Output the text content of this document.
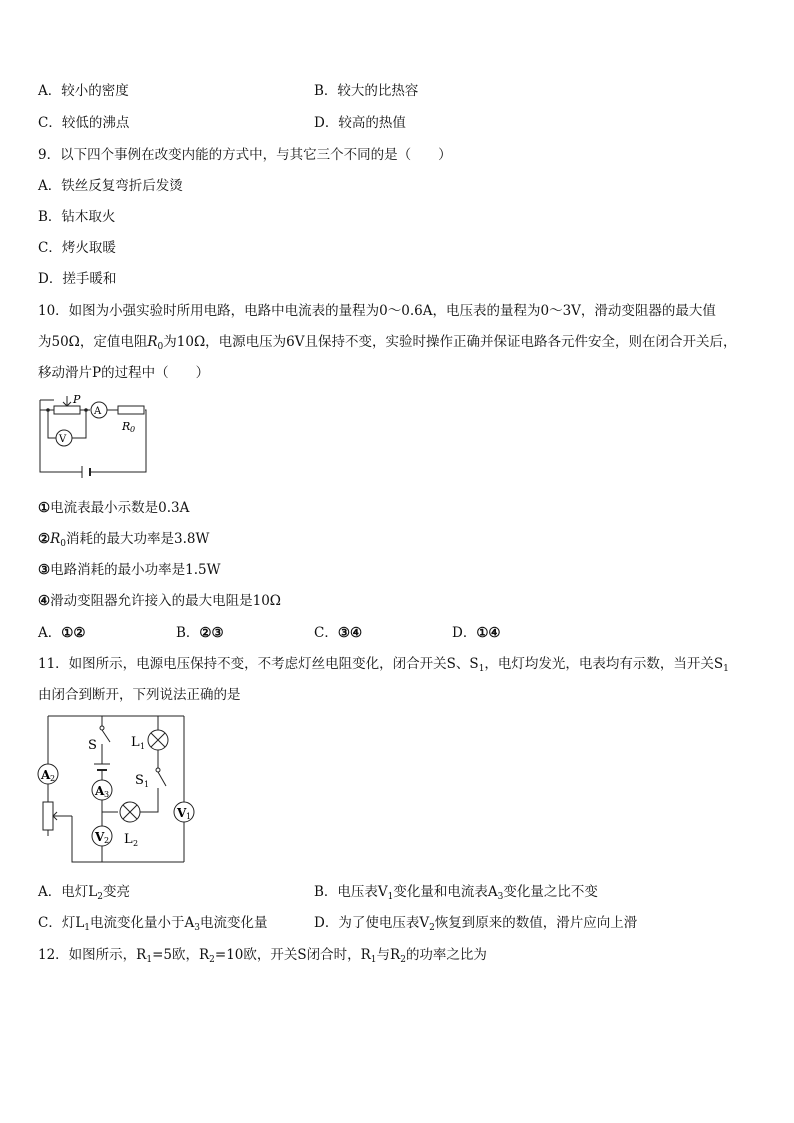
A．较小的密度	B．较大的比热容
C．较低的沸点	D．较高的热值
9．以下四个事例在改变内能的方式中，与其它三个不同的是（　　）
A．铁丝反复弯折后发烫
B．钻木取火
C．烤火取暖
D．搓手暖和
10．如图为小强实验时所用电路，电路中电流表的量程为0～0.6A，电压表的量程为0～3V，滑动变阻器的最大值
为50Ω，定值电阻$R_0$为10Ω，电源电压为6V且保持不变，实验时操作正确并保证电路各元件安全，则在闭合开关后，
移动滑片P的过程中（　　）
P
A
V
R 0
①电流表最小示数是0.3A
$②R_0$消耗的最大功率是3.8W
③电路消耗的最小功率是1.5W
④滑动变阻器允许接入的最大电阻是10Ω
A．①②	B．②③	C．③④	D．①④
11．如图所示，电源电压保持不变，不考虑灯丝电阻变化，闭合开关S、$S_1$，电灯均发光，电表均有示数，当开关$S_1$
由闭合到断开，下列说法正确的是
A 2
S
A 3
L 1
S 1
V 1
V 2 L 2
A．电灯$L_2$变亮	B．电压表$V_1$变化量和电流表$A_3$变化量之比不变
C．灯$L_1$电流变化量小于$A_3$电流变化量	D．为了使电压表$V_2$恢复到原来的数值，滑片应向上滑
12．如图所示，$R_1=5$欧，$R_2=10$欧，开关S闭合时，$R_1$与$R_2$的功率之比为
